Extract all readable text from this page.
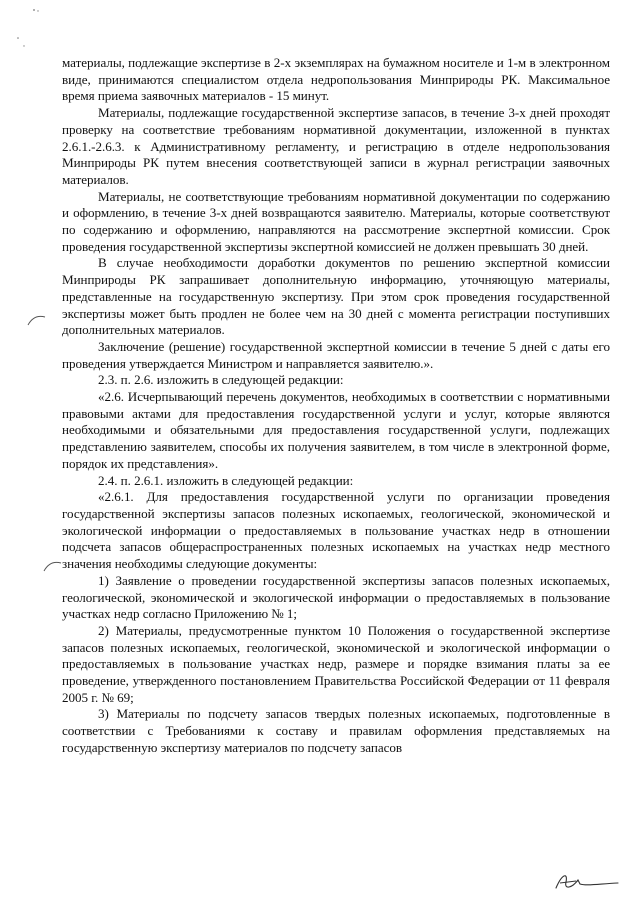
материалы, подлежащие экспертизе в 2-х экземплярах на бумажном носителе и 1-м в электронном виде, принимаются специалистом отдела недропользования Минприроды РК. Максимальное время приема заявочных материалов - 15 минут.

Материалы, подлежащие государственной экспертизе запасов, в течение 3-х дней проходят проверку на соответствие требованиям нормативной документации, изложенной в пунктах 2.6.1.-2.6.3. к Административному регламенту, и регистрацию в отделе недропользования Минприроды РК путем внесения соответствующей записи в журнал регистрации заявочных материалов.

Материалы, не соответствующие требованиям нормативной документации по содержанию и оформлению, в течение 3-х дней возвращаются заявителю. Материалы, которые соответствуют по содержанию и оформлению, направляются на рассмотрение экспертной комиссии. Срок проведения государственной экспертизы экспертной комиссией не должен превышать 30 дней.

В случае необходимости доработки документов по решению экспертной комиссии Минприроды РК запрашивает дополнительную информацию, уточняющую материалы, представленные на государственную экспертизу. При этом срок проведения государственной экспертизы может быть продлен не более чем на 30 дней с момента регистрации поступивших дополнительных материалов.

Заключение (решение) государственной экспертной комиссии в течение 5 дней с даты его проведения утверждается Министром и направляется заявителю.».

2.3. п. 2.6. изложить в следующей редакции:

«2.6. Исчерпывающий перечень документов, необходимых в соответствии с нормативными правовыми актами для предоставления государственной услуги и услуг, которые являются необходимыми и обязательными для предоставления государственной услуги, подлежащих представлению заявителем, способы их получения заявителем, в том числе в электронной форме, порядок их представления».

2.4. п. 2.6.1. изложить в следующей редакции:

«2.6.1. Для предоставления государственной услуги по организации проведения государственной экспертизы запасов полезных ископаемых, геологической, экономической и экологической информации о предоставляемых в пользование участках недр в отношении подсчета запасов общераспространенных полезных ископаемых на участках недр местного значения необходимы следующие документы:

1) Заявление о проведении государственной экспертизы запасов полезных ископаемых, геологической, экономической и экологической информации о предоставляемых в пользование участках недр согласно Приложению № 1;

2) Материалы, предусмотренные пунктом 10 Положения о государственной экспертизе запасов полезных ископаемых, геологической, экономической и экологической информации о предоставляемых в пользование участках недр, размере и порядке взимания платы за ее проведение, утвержденного постановлением Правительства Российской Федерации от 11 февраля 2005 г. № 69;

3) Материалы по подсчету запасов твердых полезных ископаемых, подготовленные в соответствии с Требованиями к составу и правилам оформления представляемых на государственную экспертизу материалов по подсчету запасов
